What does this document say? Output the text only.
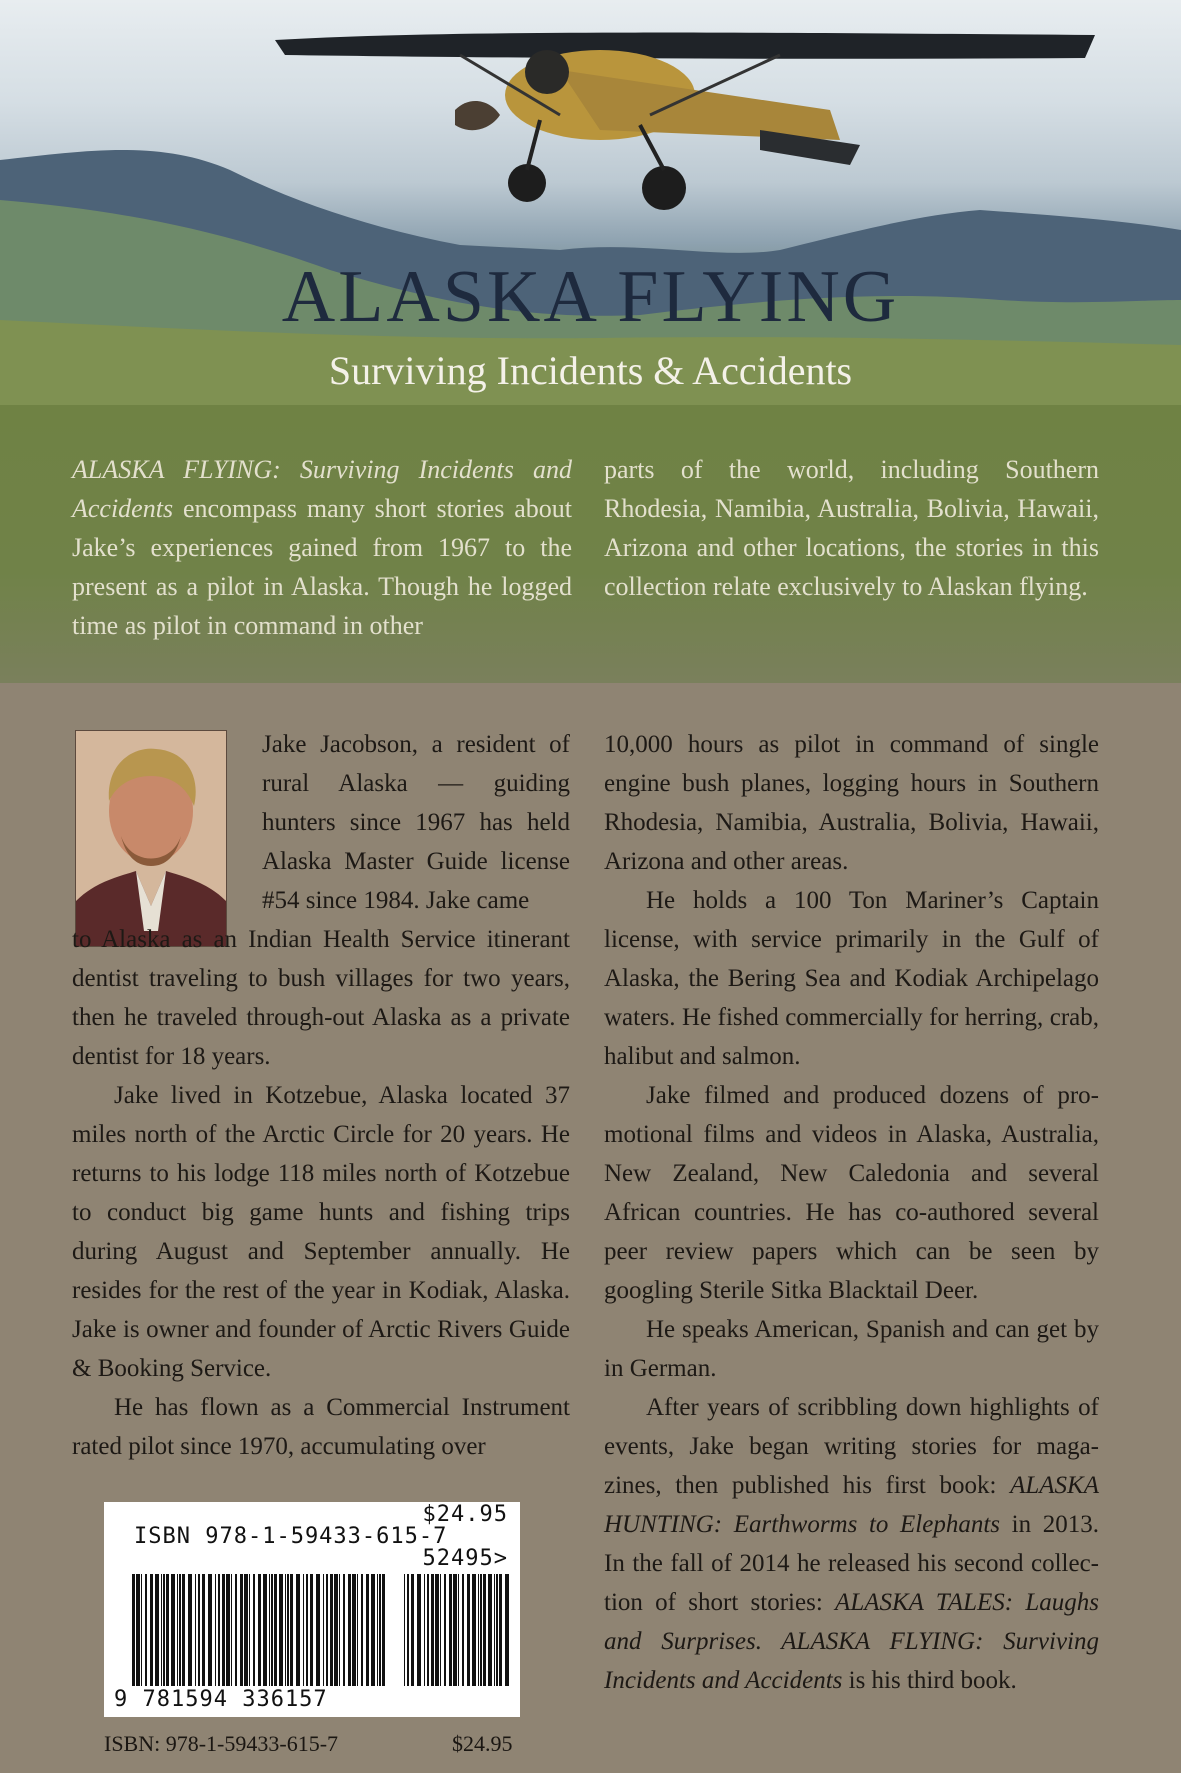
ALASKA FLYING
Surviving Incidents & Accidents

ALASKA FLYING: Surviving Incidents and Accidents encompass many short stories about Jake’s experiences gained from 1967 to the present as a pilot in Alaska. Though he logged time as pilot in command in other

parts of the world, including Southern Rhodesia, Namibia, Australia, Bolivia, Hawaii, Arizona and other locations, the stories in this collection relate exclusively to Alaskan flying.

Jake Jacobson, a resident of rural Alaska — guiding hunters since 1967 has held Alaska Master Guide license #54 since 1984. Jake came

to Alaska as an Indian Health Service itinerant dentist traveling to bush villages for two years, then he traveled through-out Alaska as a private dentist for 18 years.

Jake lived in Kotzebue, Alaska located 37 miles north of the Arctic Circle for 20 years. He returns to his lodge 118 miles north of Kotzebue to conduct big game hunts and fishing trips during August and September annually. He resides for the rest of the year in Kodiak, Alaska. Jake is owner and founder of Arctic Rivers Guide & Booking Service.

He has flown as a Commercial Instrument rated pilot since 1970, accumulating over

10,000 hours as pilot in command of single engine bush planes, logging hours in Southern Rhodesia, Namibia, Australia, Bolivia, Hawaii, Arizona and other areas.

He holds a 100 Ton Mariner’s Captain license, with service primarily in the Gulf of Alaska, the Bering Sea and Kodiak Archipelago waters. He fished commercially for herring, crab, halibut and salmon.

Jake filmed and produced dozens of pro-motional films and videos in Alaska, Australia, New Zealand, New Caledonia and several African countries. He has co-authored several peer review papers which can be seen by googling Sterile Sitka Blacktail Deer.

He speaks American, Spanish and can get by in German.

After years of scribbling down highlights of events, Jake began writing stories for maga-zines, then published his first book: ALASKA HUNTING: Earthworms to Elephants in 2013. In the fall of 2014 he released his second collec-tion of short stories: ALASKA TALES: Laughs and Surprises. ALASKA FLYING: Surviving Incidents and Accidents is his third book.

$24.95
ISBN 978-1-59433-615-7
52495>
9 781594 336157
ISBN: 978-1-59433-615-7	$24.95
